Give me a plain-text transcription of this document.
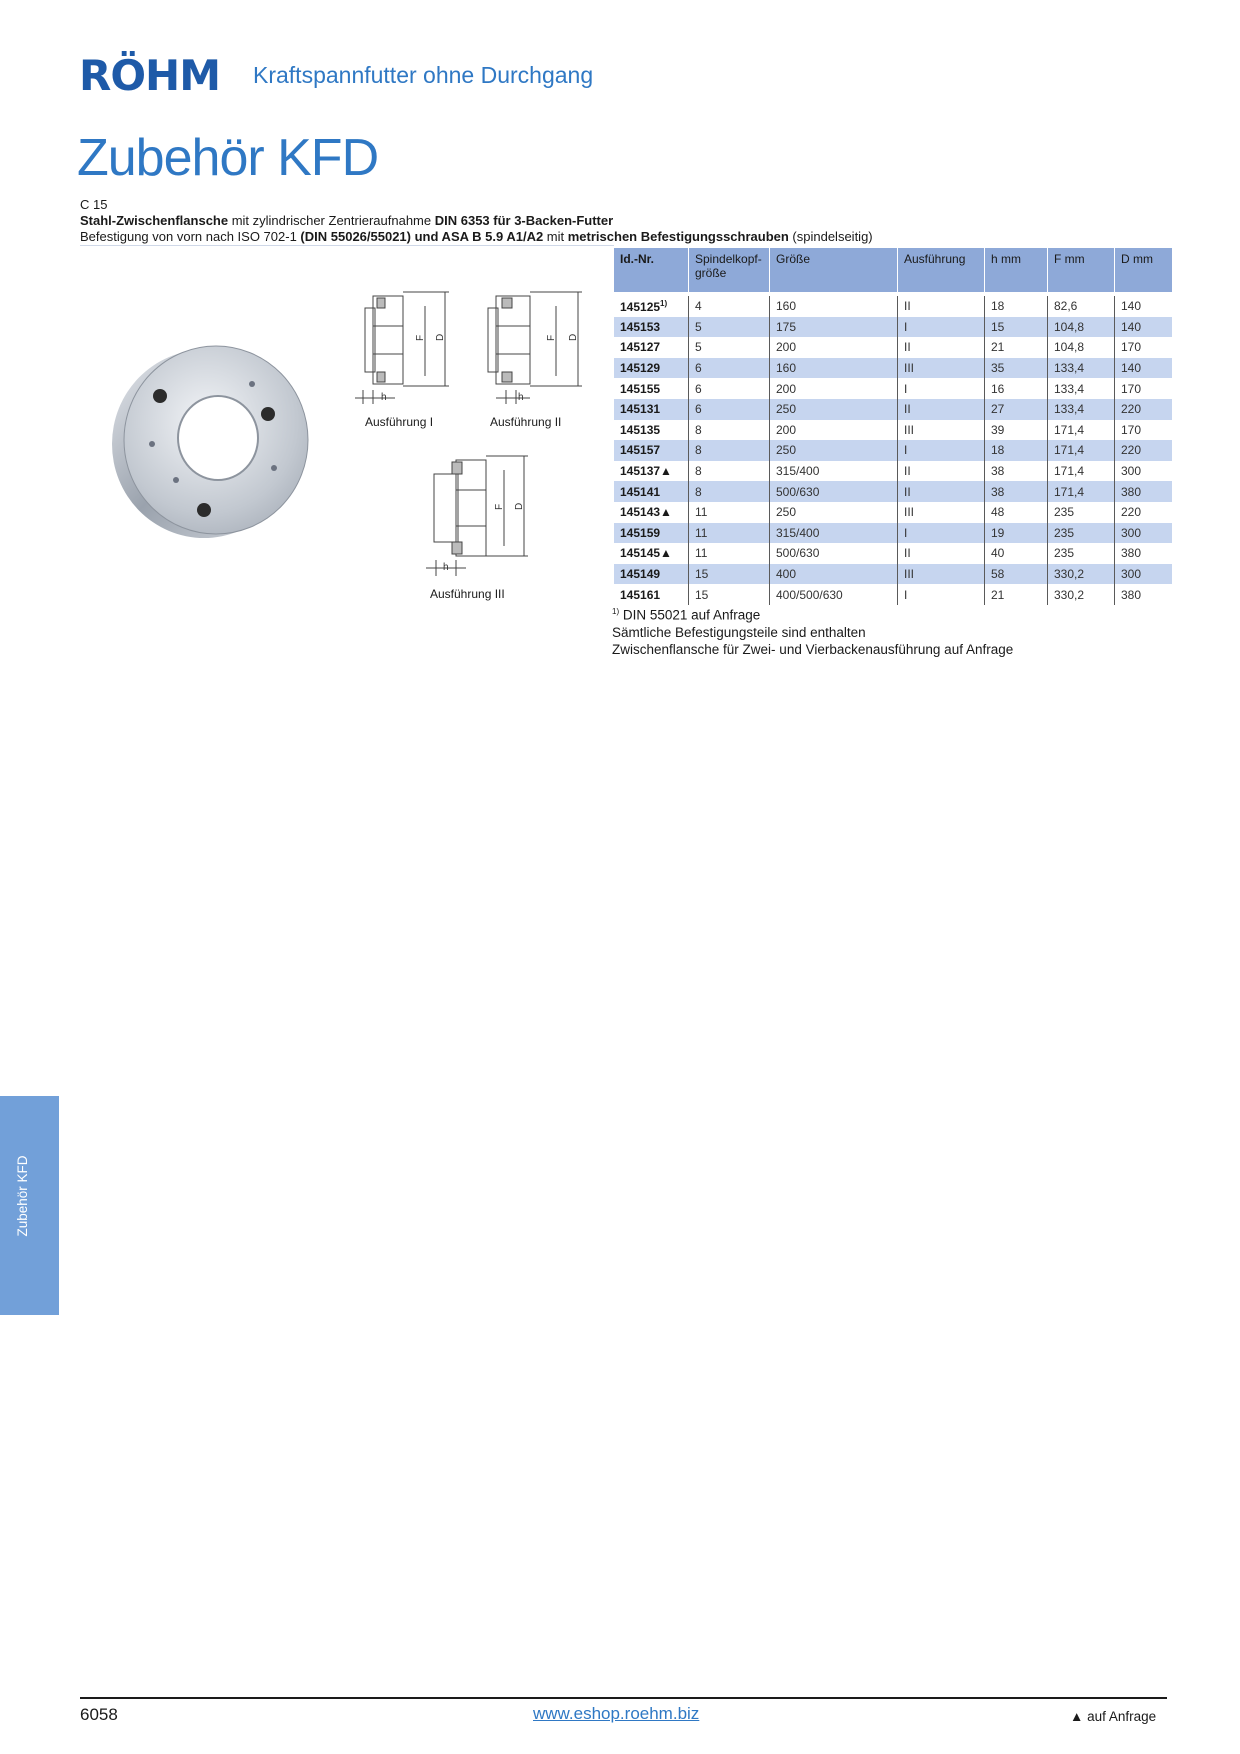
RÖHM Kraftspannfutter ohne Durchgang
Zubehör KFD
C 15
Stahl-Zwischenflansche mit zylindrischer Zentrieraufnahme DIN 6353 für 3-Backen-Futter
Befestigung von vorn nach ISO 702-1 (DIN 55026/55021) und ASA B 5.9 A1/A2 mit metrischen Befestigungsschrauben (spindelseitig)
F D
h
Ausführung I
F D
h
Ausführung II
F D
h
Ausführung III
Id.-Nr.	Spindelkopf-größe	Größe	Ausführung	h mm	F mm	D mm

145125$^{1)}$	4	160	II	18	82,6	140
145153	5	175	I	15	104,8	140
145127	5	200	II	21	104,8	170
145129	6	160	III	35	133,4	140
145155	6	200	I	16	133,4	170
145131	6	250	II	27	133,4	220
145135	8	200	III	39	171,4	170
145157	8	250	I	18	171,4	220
145137▲	8	315/400	II	38	171,4	300
145141	8	500/630	II	38	171,4	380
145143▲	11	250	III	48	235	220
145159	11	315/400	I	19	235	300
145145▲	11	500/630	II	40	235	380
145149	15	400	III	58	330,2	300
145161	15	400/500/630	I	21	330,2	380
$^{1)}$ DIN 55021 auf Anfrage
Sämtliche Befestigungsteile sind enthalten
Zwischenflansche für Zwei- und Vierbackenausführung auf Anfrage
Zubehör KFD
6058	www.eshop.roehm.biz	▲ auf Anfrage
